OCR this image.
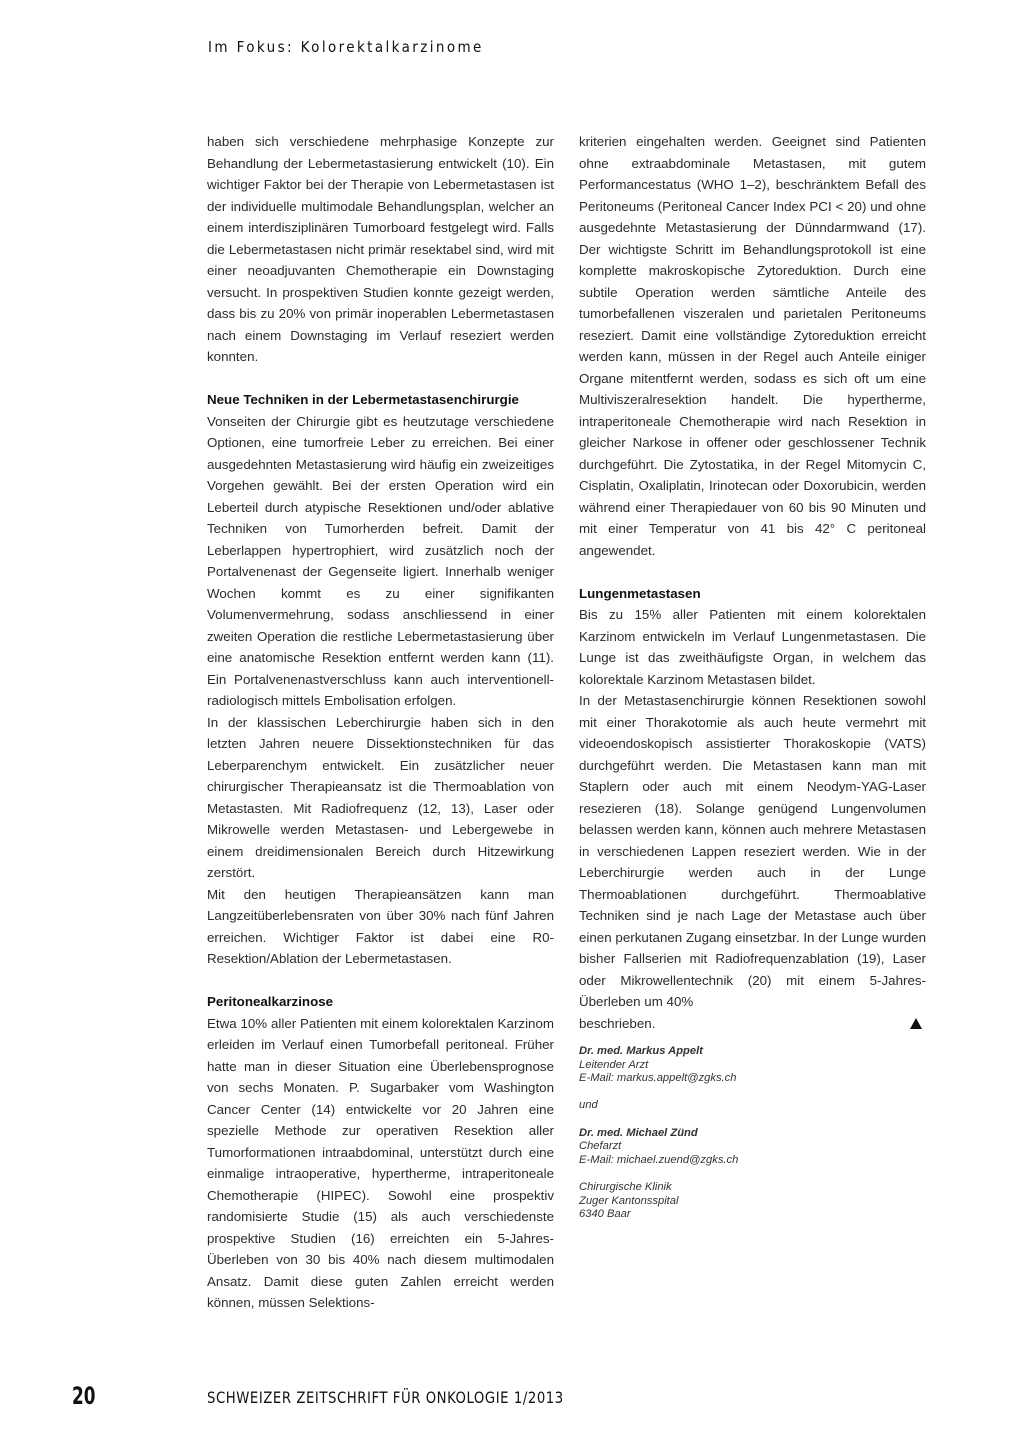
Im Fokus: Kolorektalkarzinome

haben sich verschiedene mehrphasige Konzepte zur Behandlung der Lebermetastasierung entwickelt (10). Ein wichtiger Faktor bei der Therapie von Lebermetastasen ist der individuelle multimodale Behandlungsplan, welcher an einem interdisziplinären Tumorboard festgelegt wird. Falls die Lebermetastasen nicht primär resektabel sind, wird mit einer neoadjuvanten Chemotherapie ein Downstaging versucht. In prospektiven Studien konnte gezeigt werden, dass bis zu 20% von primär inoperablen Lebermetastasen nach einem Downstaging im Verlauf reseziert werden konnten.

Neue Techniken in der Lebermetastasenchirurgie

Vonseiten der Chirurgie gibt es heutzutage verschiedene Optionen, eine tumorfreie Leber zu erreichen. Bei einer ausgedehnten Metastasierung wird häufig ein zweizeitiges Vorgehen gewählt. Bei der ersten Operation wird ein Leberteil durch atypische Resektionen und/oder ablative Techniken von Tumorherden befreit. Damit der Leberlappen hypertrophiert, wird zusätzlich noch der Portalvenenast der Gegenseite ligiert. Innerhalb weniger Wochen kommt es zu einer signifikanten Volumenvermehrung, sodass anschliessend in einer zweiten Operation die restliche Lebermetastasierung über eine anatomische Resektion entfernt werden kann (11). Ein Portalvenenastverschluss kann auch interventionell-radiologisch mittels Embolisation erfolgen.

In der klassischen Leberchirurgie haben sich in den letzten Jahren neuere Dissektionstechniken für das Leberparenchym entwickelt. Ein zusätzlicher neuer chirurgischer Therapieansatz ist die Thermoablation von Metastasten. Mit Radiofrequenz (12, 13), Laser oder Mikrowelle werden Metastasen- und Lebergewebe in einem dreidimensionalen Bereich durch Hitzewirkung zerstört.

Mit den heutigen Therapieansätzen kann man Langzeitüberlebensraten von über 30% nach fünf Jahren erreichen. Wichtiger Faktor ist dabei eine R0-Resektion/Ablation der Lebermetastasen.

Peritonealkarzinose

Etwa 10% aller Patienten mit einem kolorektalen Karzinom erleiden im Verlauf einen Tumorbefall peritoneal. Früher hatte man in dieser Situation eine Überlebensprognose von sechs Monaten. P. Sugarbaker vom Washington Cancer Center (14) entwickelte vor 20 Jahren eine spezielle Methode zur operativen Resektion aller Tumorformationen intraabdominal, unterstützt durch eine einmalige intraoperative, hypertherme, intraperitoneale Chemotherapie (HIPEC). Sowohl eine prospektiv randomisierte Studie (15) als auch verschiedenste prospektive Studien (16) erreichten ein 5-Jahres-Überleben von 30 bis 40% nach diesem multimodalen Ansatz. Damit diese guten Zahlen erreicht werden können, müssen Selektions-

kriterien eingehalten werden. Geeignet sind Patienten ohne extraabdominale Metastasen, mit gutem Performancestatus (WHO 1–2), beschränktem Befall des Peritoneums (Peritoneal Cancer Index PCI < 20) und ohne ausgedehnte Metastasierung der Dünndarmwand (17). Der wichtigste Schritt im Behandlungsprotokoll ist eine komplette makroskopische Zytoreduktion. Durch eine subtile Operation werden sämtliche Anteile des tumorbefallenen viszeralen und parietalen Peritoneums reseziert. Damit eine vollständige Zytoreduktion erreicht werden kann, müssen in der Regel auch Anteile einiger Organe mitentfernt werden, sodass es sich oft um eine Multiviszeralresektion handelt. Die hypertherme, intraperitoneale Chemotherapie wird nach Resektion in gleicher Narkose in offener oder geschlossener Technik durchgeführt. Die Zytostatika, in der Regel Mitomycin C, Cisplatin, Oxaliplatin, Irinotecan oder Doxorubicin, werden während einer Therapiedauer von 60 bis 90 Minuten und mit einer Temperatur von 41 bis 42° C peritoneal angewendet.

Lungenmetastasen

Bis zu 15% aller Patienten mit einem kolorektalen Karzinom entwickeln im Verlauf Lungenmetastasen. Die Lunge ist das zweithäufigste Organ, in welchem das kolorektale Karzinom Metastasen bildet.

In der Metastasenchirurgie können Resektionen sowohl mit einer Thorakotomie als auch heute vermehrt mit videoendoskopisch assistierter Thorakoskopie (VATS) durchgeführt werden. Die Metastasen kann man mit Staplern oder auch mit einem Neodym-YAG-Laser resezieren (18). Solange genügend Lungenvolumen belassen werden kann, können auch mehrere Metastasen in verschiedenen Lappen reseziert werden. Wie in der Leberchirurgie werden auch in der Lunge Thermoablationen durchgeführt. Thermoablative Techniken sind je nach Lage der Metastase auch über einen perkutanen Zugang einsetzbar. In der Lunge wurden bisher Fallserien mit Radiofrequenzablation (19), Laser oder Mikrowellentechnik (20) mit einem 5-Jahres-Überleben um 40%

beschrieben.
Dr. med. Markus Appelt
Leitender Arzt
E-Mail: markus.appelt@zgks.ch
und
Dr. med. Michael Zünd
Chefarzt
E-Mail: michael.zuend@zgks.ch
Chirurgische Klinik
Zuger Kantonsspital
6340 Baar
20	SCHWEIZER ZEITSCHRIFT FÜR ONKOLOGIE 1/2013
